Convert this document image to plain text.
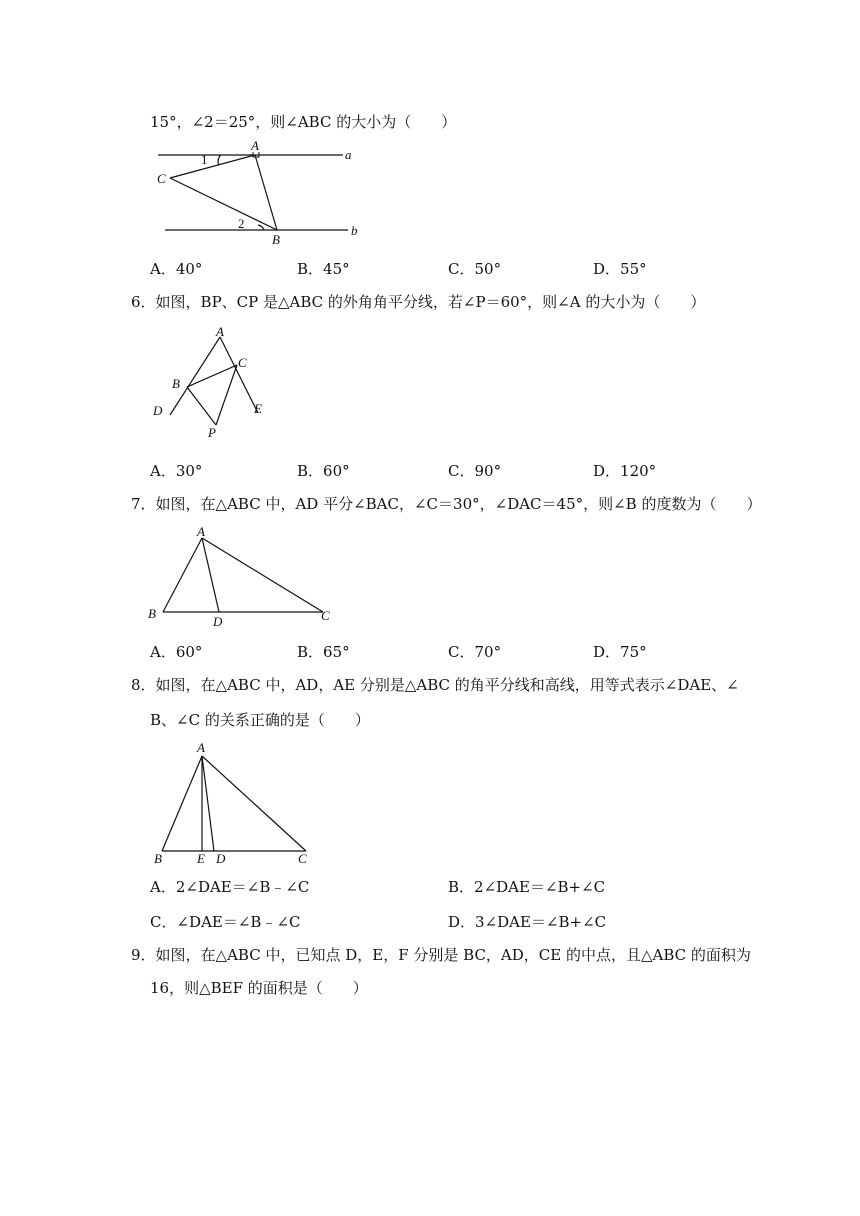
15°，∠2＝25°，则∠ABC 的大小为（　　）
A
C
B
1
2
a
b
A．40°	B．45°	C．50°	D．55°
6．如图，BP、CP 是△ABC 的外角角平分线，若∠P＝60°，则∠A 的大小为（　　）
A
B
C
D	E
P
A．30°	B．60°	C．90°	D．120°
7．如图，在△ABC 中，AD 平分∠BAC，∠C＝30°，∠DAC＝45°，则∠B 的度数为（　　）
A
B	C
D
A．60°	B．65°	C．70°	D．75°
8．如图，在△ABC 中，AD，AE 分别是△ABC 的角平分线和高线，用等式表示∠DAE、∠
B、∠C 的关系正确的是（　　）
A
B	C
D
E
A．2∠DAE＝∠B﹣∠C	B．2∠DAE＝∠B+∠C
C．∠DAE＝∠B﹣∠C	D．3∠DAE＝∠B+∠C
9．如图，在△ABC 中，已知点 D，E，F 分别是 BC，AD，CE 的中点，且△ABC 的面积为
16，则△BEF 的面积是（　　）
